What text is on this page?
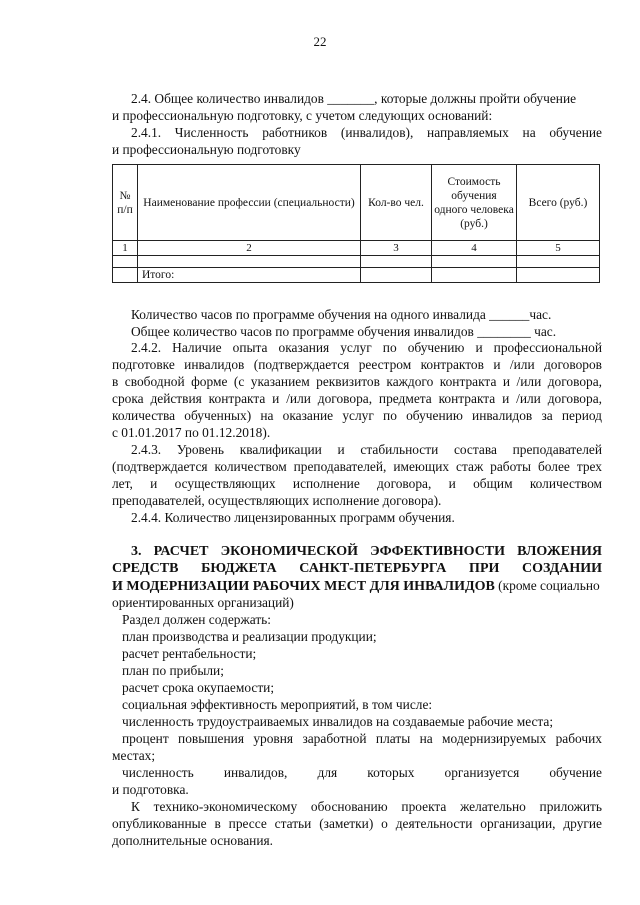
22
2.4. Общее количество инвалидов _______, которые должны пройти обучение
и профессиональную подготовку, с учетом следующих оснований:
2.4.1. Численность работников (инвалидов), направляемых на обучение
и профессиональную подготовку
№ п/п	Наименование профессии (специальности)	Кол-во чел.	Стоимость обучения одного человека (руб.)	Всего (руб.)
1	2	3	4	5

	Итого:			
Количество часов по программе обучения на одного инвалида ______час.
Общее количество часов по программе обучения инвалидов ________ час.
2.4.2. Наличие опыта оказания услуг по обучению и профессиональной
подготовке инвалидов (подтверждается реестром контрактов и /или договоров
в свободной форме (с указанием реквизитов каждого контракта и /или договора,
срока действия контракта и /или договора, предмета контракта и /или договора,
количества обученных) на оказание услуг по обучению инвалидов за период
с 01.01.2017 по 01.12.2018).
2.4.3. Уровень квалификации и стабильности состава преподавателей
(подтверждается количеством преподавателей, имеющих стаж работы более трех
лет, и осуществляющих исполнение договора, и общим количеством
преподавателей, осуществляющих исполнение договора).
2.4.4. Количество лицензированных программ обучения.
3. РАСЧЕТ ЭКОНОМИЧЕСКОЙ ЭФФЕКТИВНОСТИ ВЛОЖЕНИЯ
СРЕДСТВ БЮДЖЕТА САНКТ-ПЕТЕРБУРГА ПРИ СОЗДАНИИ
И МОДЕРНИЗАЦИИ РАБОЧИХ МЕСТ ДЛЯ ИНВАЛИДОВ (кроме социально
ориентированных организаций)
Раздел должен содержать:
план производства и реализации продукции;
расчет рентабельности;
план по прибыли;
расчет срока окупаемости;
социальная эффективность мероприятий, в том числе:
численность трудоустраиваемых инвалидов на создаваемые рабочие места;
процент повышения уровня заработной платы на модернизируемых рабочих
местах;
численность инвалидов, для которых организуется обучение
и подготовка.
К технико-экономическому обоснованию проекта желательно приложить
опубликованные в прессе статьи (заметки) о деятельности организации, другие
дополнительные основания.
